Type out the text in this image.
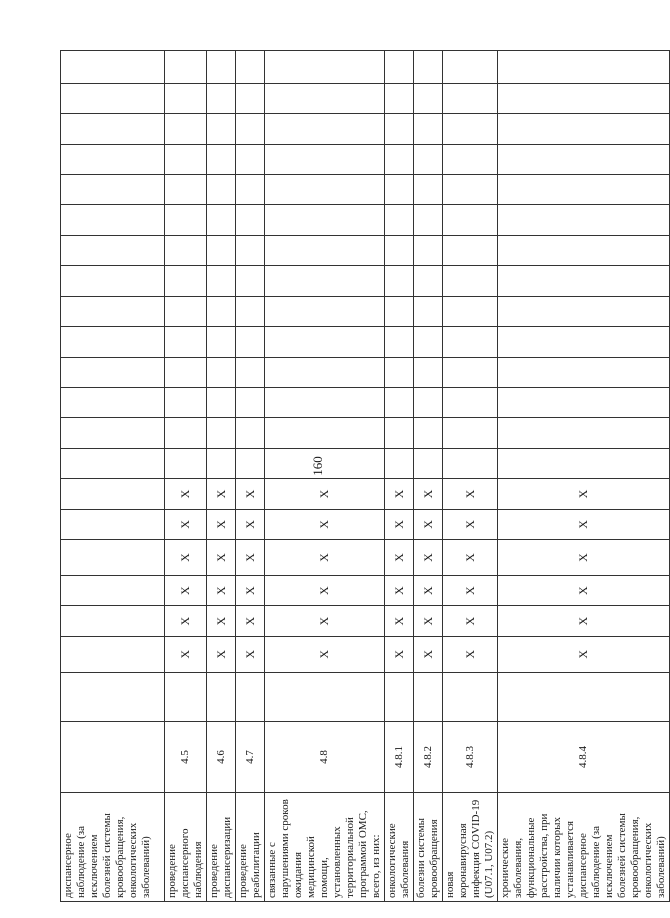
160
диспансерное наблюдение (за исключением болезней системы кровообращения, онкологических заболеваний)																						
проведение диспансерного наблюдения	4.5		X	X	X	X	X	X														
проведение диспансеризации	4.6		X	X	X	X	X	X														
проведение реабилитации	4.7		X	X	X	X	X	X														
связанные с нарушениями сроков ожидания медицинской помощи, установленных территориальной программой ОМС, всего, из них:	4.8		X	X	X	X	X	X														
онкологические заболевания	4.8.1		X	X	X	X	X	X														
болезни системы кровообращения	4.8.2		X	X	X	X	X	X														
новая коронавирусная инфекция COVID-19 (U07.1, U07.2)	4.8.3		X	X	X	X	X	X														
хронические заболевания, функциональные расстройства, при наличии которых устанавливается диспансерное наблюдение (за исключением болезней системы кровообращения, онкологических заболеваний)	4.8.4		X	X	X	X	X	X														
